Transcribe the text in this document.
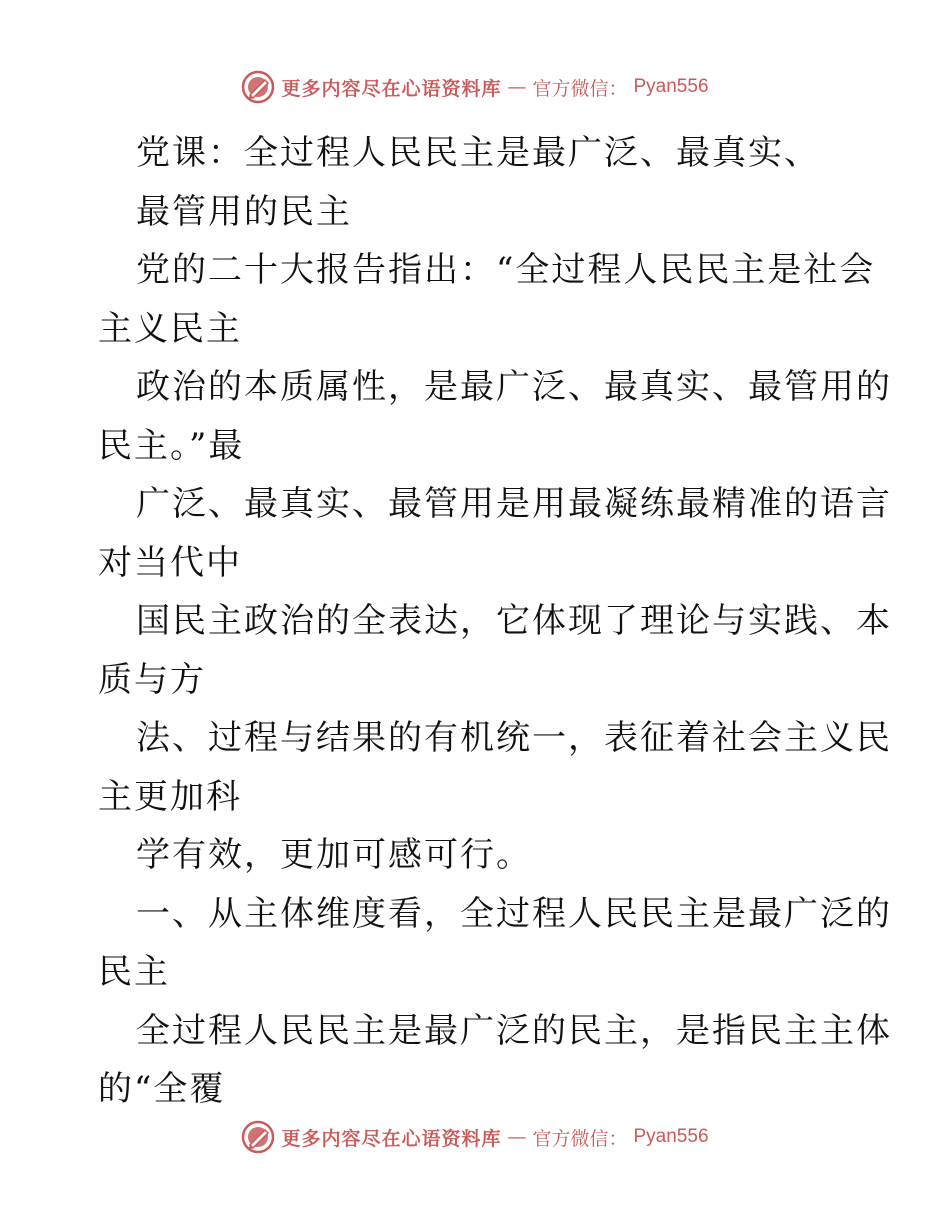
更多内容尽在心语资料库 — 官方微信： Pyan556
党课：全过程人民民主是最广泛、最真实、
最管用的民主
党的二十大报告指出：“全过程人民民主是社会
主义民主
政治的本质属性，是最广泛、最真实、最管用的
民主。”最
广泛、最真实、最管用是用最凝练最精准的语言
对当代中
国民主政治的全表达，它体现了理论与实践、本
质与方
法、过程与结果的有机统一，表征着社会主义民
主更加科
学有效，更加可感可行。
一、从主体维度看，全过程人民民主是最广泛的
民主
全过程人民民主是最广泛的民主，是指民主主体
的“全覆
更多内容尽在心语资料库 — 官方微信： Pyan556
